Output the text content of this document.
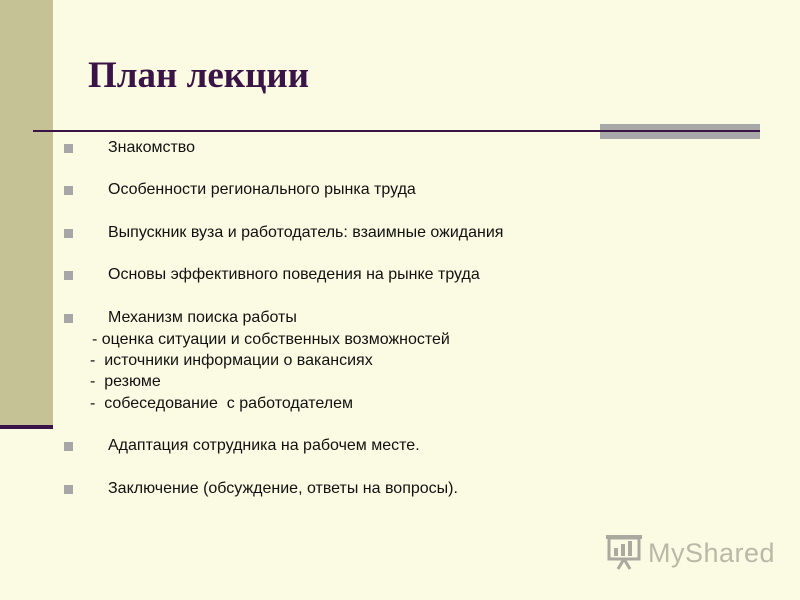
План лекции
Знакомство
Особенности регионального рынка труда
Выпускник вуза и работодатель: взаимные ожидания
Основы эффективного поведения на рынке труда
Механизм поиска работы
- оценка ситуации и собственных возможностей
-  источники информации о вакансиях
-  резюме
-  собеседование  с работодателем
Адаптация сотрудника на рабочем месте.
Заключение (обсуждение, ответы на вопросы).
MyShared
